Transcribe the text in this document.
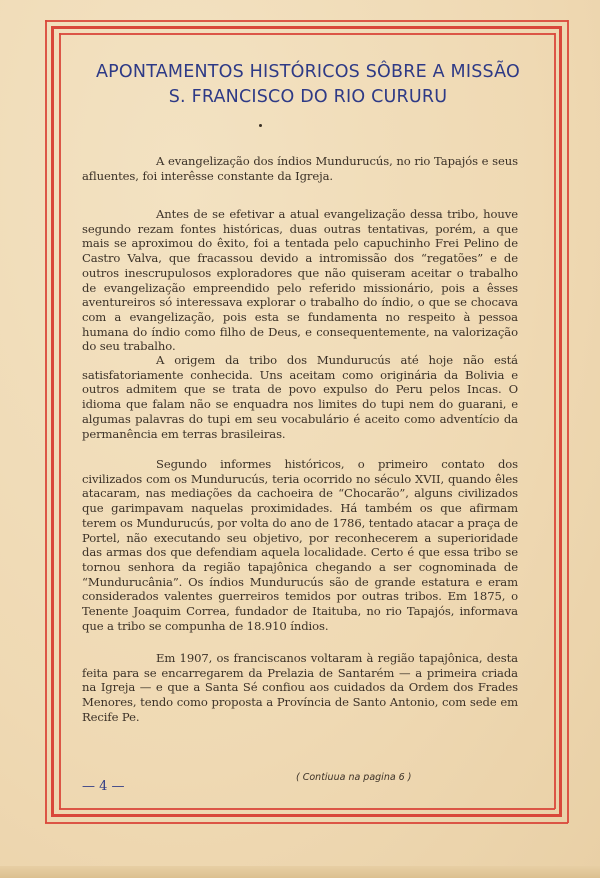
APONTAMENTOS HISTÓRICOS SÔBRE A MISSÃO
S. FRANCISCO DO RIO CURURU

A evangelização dos índios Mundurucús, no rio Tapajós e seus afluentes, foi interêsse constante da Igreja.

Antes de se efetivar a atual evangelização dessa tribo, houve segundo rezam fontes históricas, duas outras tentativas, porém, a que mais se aproximou do êxito, foi a tentada pelo capuchinho Frei Pelino de Castro Valva, que fracassou devido a intromissão dos “regatões” e de outros inescrupulosos exploradores que não quiseram aceitar o trabalho de evangelização empreendido pelo referido missionário, pois a êsses aventureiros só interessava explorar o trabalho do índio, o que se chocava com a evangelização, pois esta se fundamenta no respeito à pessoa humana do índio como filho de Deus, e consequentemente, na valorização do seu trabalho.

A origem da tribo dos Mundurucús até hoje não está satisfatoriamente conhecida. Uns aceitam como originária da Bolivia e outros admitem que se trata de povo expulso do Peru pelos Incas. O idioma que falam não se enquadra nos limites do tupi nem do guarani, e algumas palavras do tupi em seu vocabulário é aceito como adventício da permanência em terras brasileiras.

Segundo informes históricos, o primeiro contato dos civilizados com os Mundurucús, teria ocorrido no século XVII, quando êles atacaram, nas mediações da cachoeira de “Chocarão”, alguns civilizados que garimpavam naquelas proximidades. Há também os que afirmam terem os Mundurucús, por volta do ano de 1786, tentado atacar a praça de Portel, não executando seu objetivo, por reconhecerem a superioridade das armas dos que defendiam aquela localidade. Certo é que essa tribo se tornou senhora da região tapajônica chegando a ser cognominada de “Mundurucânia”. Os índios Mundurucús são de grande estatura e eram considerados valentes guerreiros temidos por outras tribos. Em 1875, o Tenente Joaquim Correa, fundador de Itaituba, no rio Tapajós, informava que a tribo se compunha de 18.910 índios.

Em 1907, os franciscanos voltaram à região tapajônica, desta feita para se encarregarem da Prelazia de Santarém — a primeira criada na Igreja — e que a Santa Sé confiou aos cuidados da Ordem dos Frades Menores, tendo como proposta a Província de Santo Antonio, com sede em Recife Pe.

( Contiuua na pagina 6 )
— 4 —
